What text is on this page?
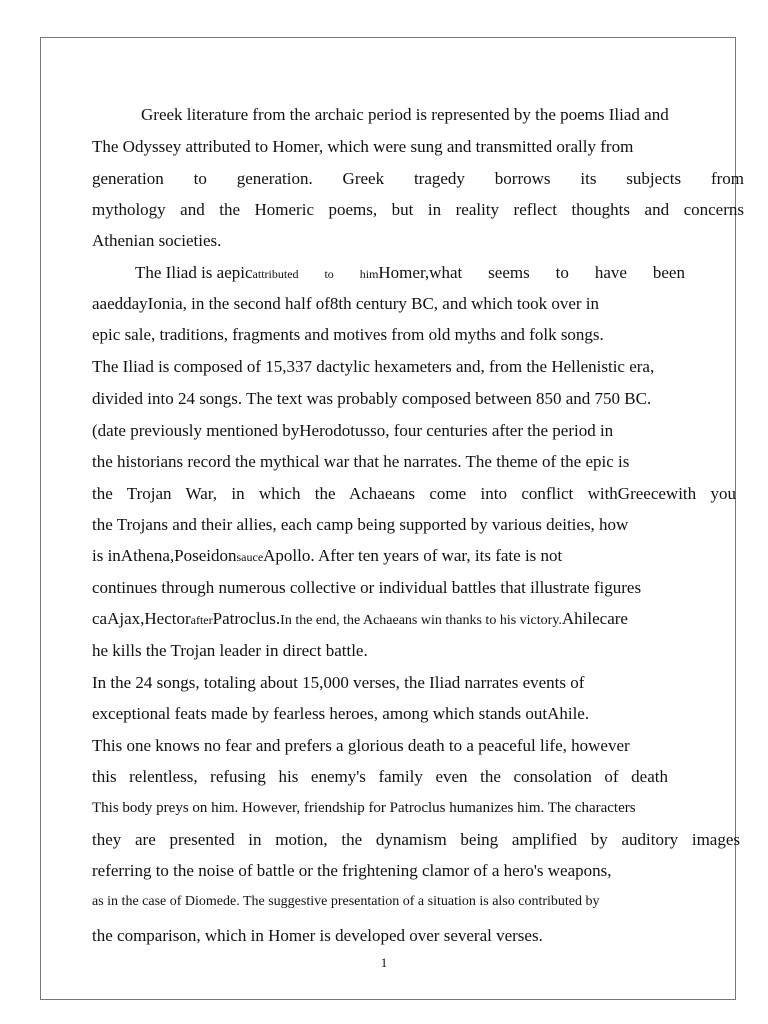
Greek literature from the archaic period is represented by the poems Iliad and
The Odyssey attributed to Homer, which were sung and transmitted orally from
generation to generation. Greek tragedy borrows its subjects from
mythology and the Homeric poems, but in reality reflect thoughts and concerns
Athenian societies.
The Iliad is aepicattributed to himHomer,what seems to have been
aaeddayIonia, in the second half of8th century BC, and which took over in
epic sale, traditions, fragments and motives from old myths and folk songs.
The Iliad is composed of 15,337 dactylic hexameters and, from the Hellenistic era,
divided into 24 songs. The text was probably composed between 850 and 750 BC.
(date previously mentioned byHerodotusso, four centuries after the period in
the historians record the mythical war that he narrates. The theme of the epic is
the Trojan War, in which the Achaeans come into conflict withGreecewith you
the Trojans and their allies, each camp being supported by various deities, how
is inAthena,PoseidonsauceApollo. After ten years of war, its fate is not
continues through numerous collective or individual battles that illustrate figures
caAjax,HectorafterPatroclus.In the end, the Achaeans win thanks to his victory.Ahilecare
he kills the Trojan leader in direct battle.
In the 24 songs, totaling about 15,000 verses, the Iliad narrates events of
exceptional feats made by fearless heroes, among which stands outAhile.
This one knows no fear and prefers a glorious death to a peaceful life, however
this relentless, refusing his enemy's family even the consolation of death
This body preys on him. However, friendship for Patroclus humanizes him. The characters
they are presented in motion, the dynamism being amplified by auditory images
referring to the noise of battle or the frightening clamor of a hero's weapons,
as in the case of Diomede. The suggestive presentation of a situation is also contributed by
the comparison, which in Homer is developed over several verses.
1
